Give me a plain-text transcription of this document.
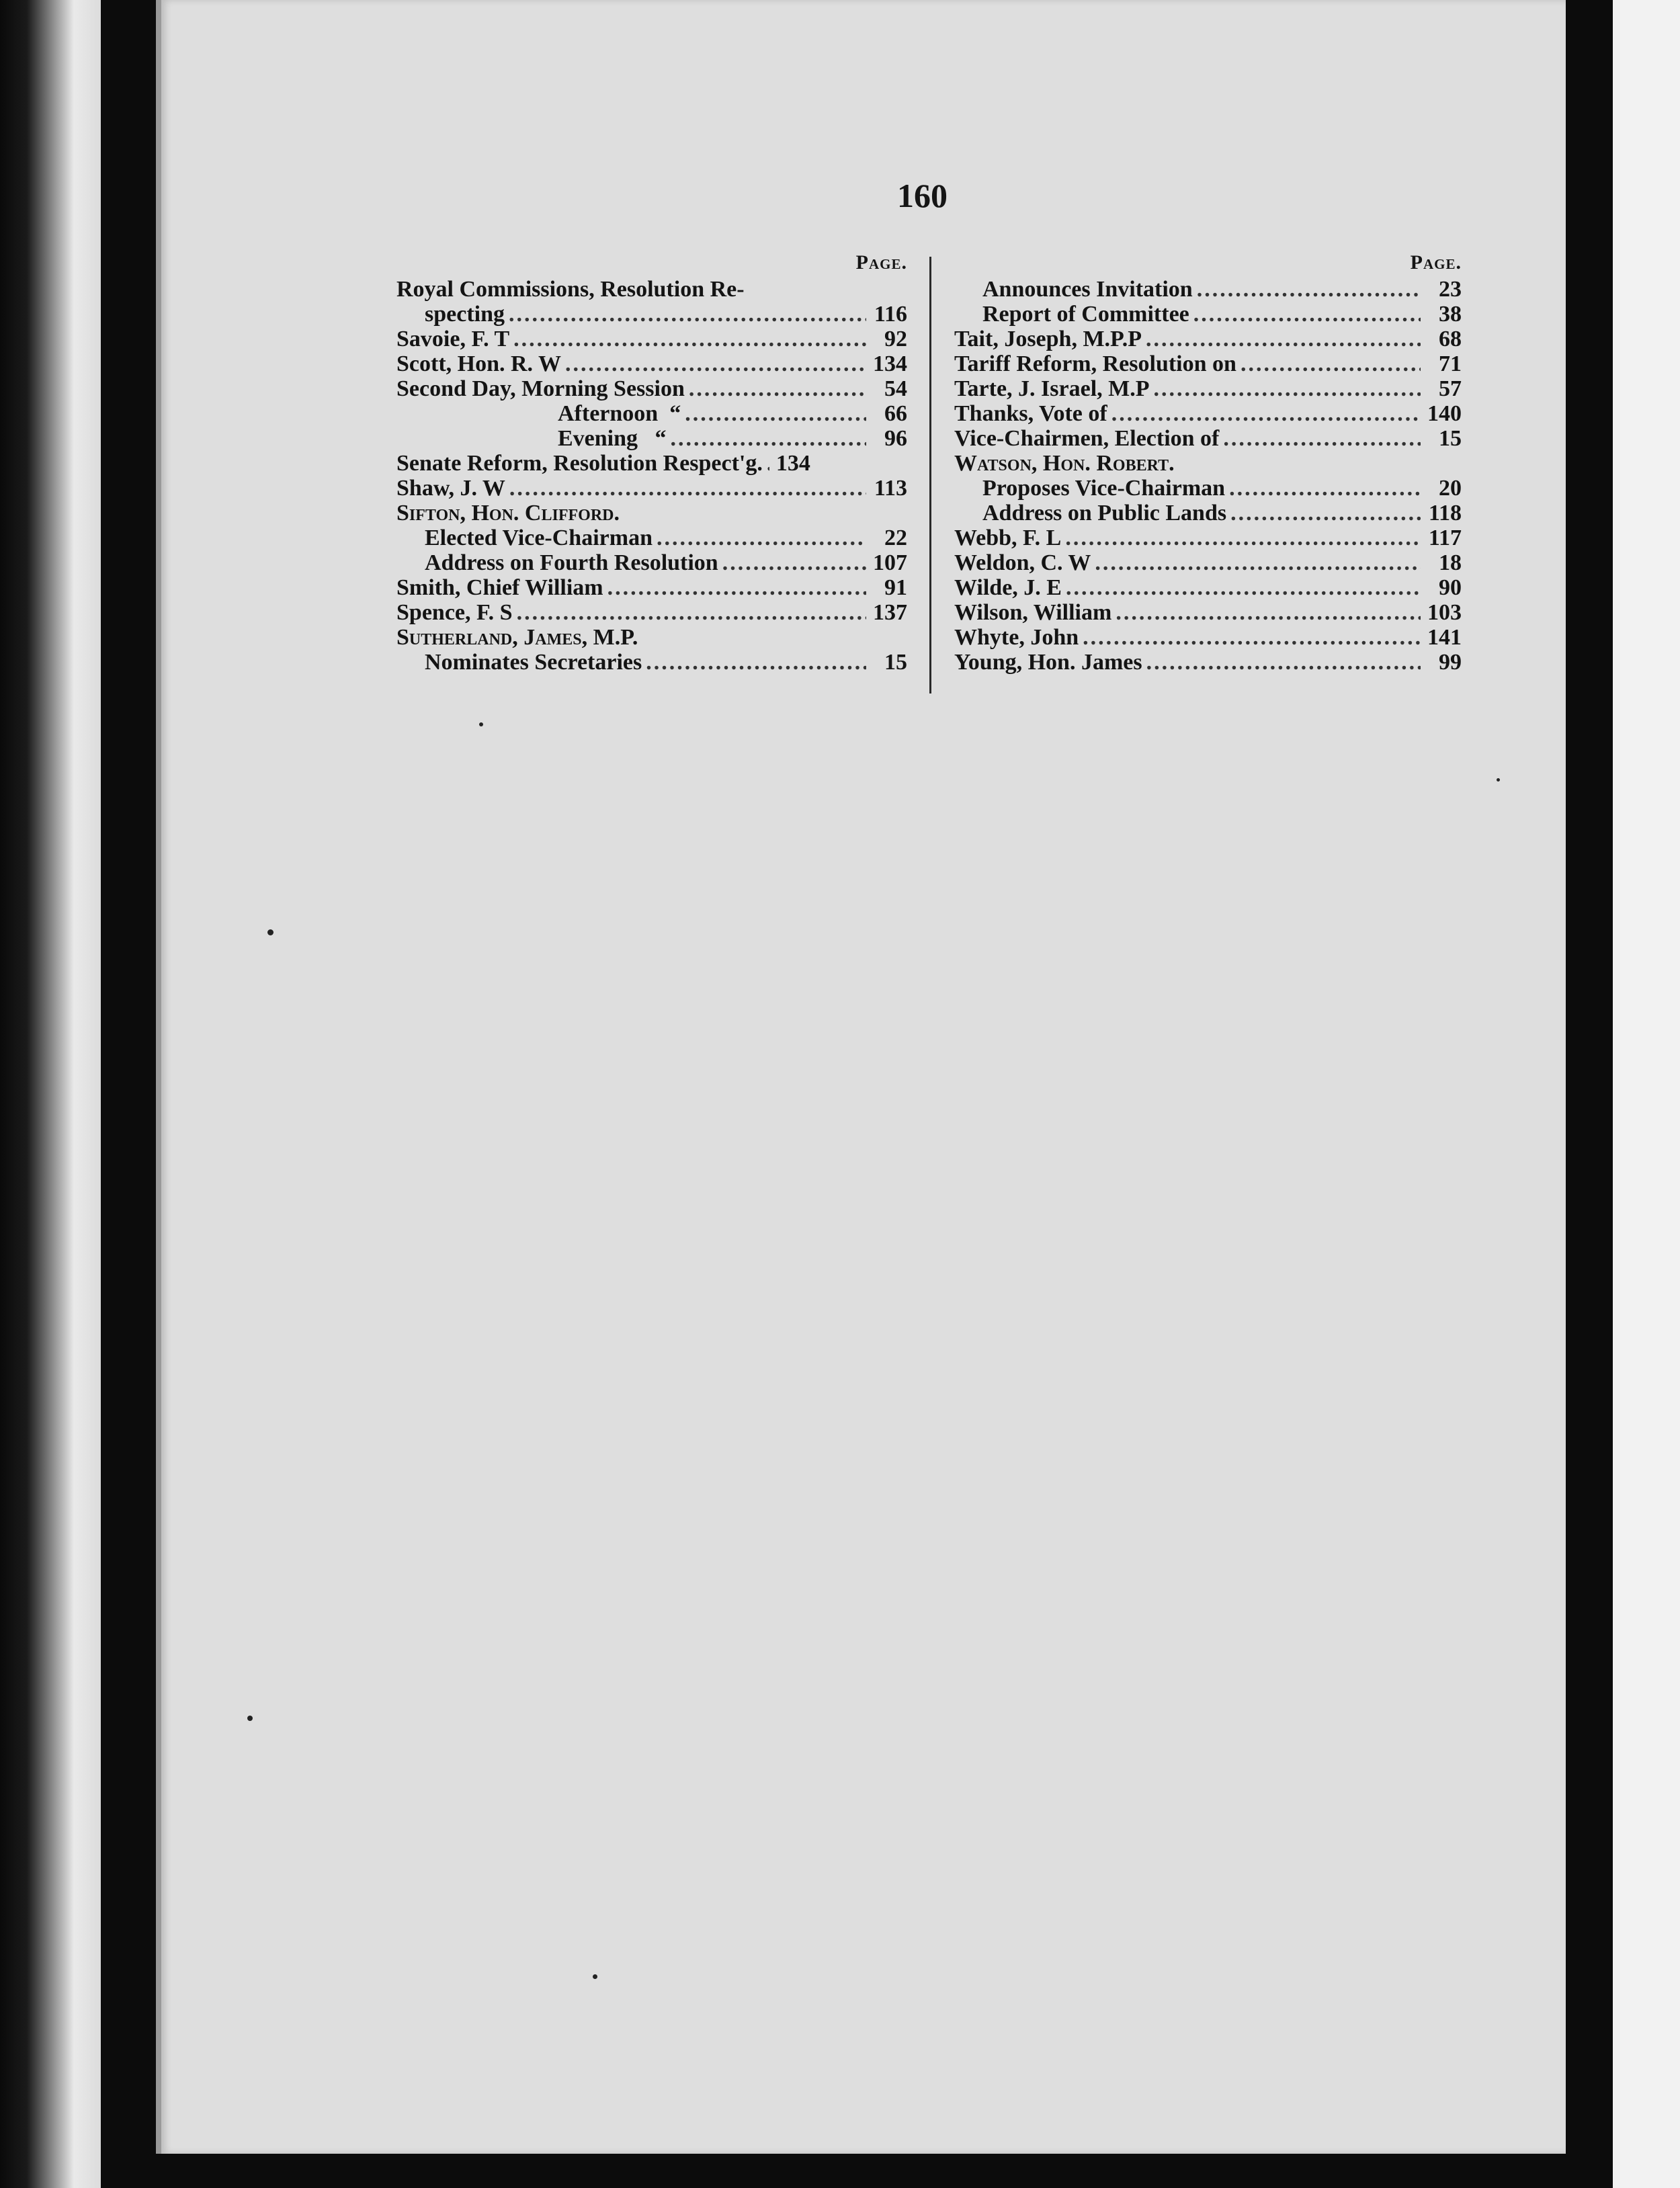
160
Page.
Royal Commissions, Resolution Re-
specting .....	116
Savoie, F. T .....	92
Scott, Hon. R. W .....	134
Second Day, Morning Session .....	54
Afternoon  “ .....	66
Evening   “ .....	96
Senate Reform, Resolution Respect'g. ..... 134
Shaw, J. W .....	113
Sifton, Hon. Clifford.
Elected Vice-Chairman .....	22
Address on Fourth Resolution .....	107
Smith, Chief William .....	91
Spence, F. S .....	137
Sutherland, James, M.P.
Nominates Secretaries .....	15
Page.
Announces Invitation .....	23
Report of Committee .....	38
Tait, Joseph, M.P.P .....	68
Tariff Reform, Resolution on .....	71
Tarte, J. Israel, M.P .....	57
Thanks, Vote of .....	140
Vice-Chairmen, Election of .....	15
Watson, Hon. Robert.
Proposes Vice-Chairman .....	20
Address on Public Lands .....	118
Webb, F. L .....	117
Weldon, C. W .....	18
Wilde, J. E .....	90
Wilson, William .....	103
Whyte, John .....	141
Young, Hon. James .....	99
